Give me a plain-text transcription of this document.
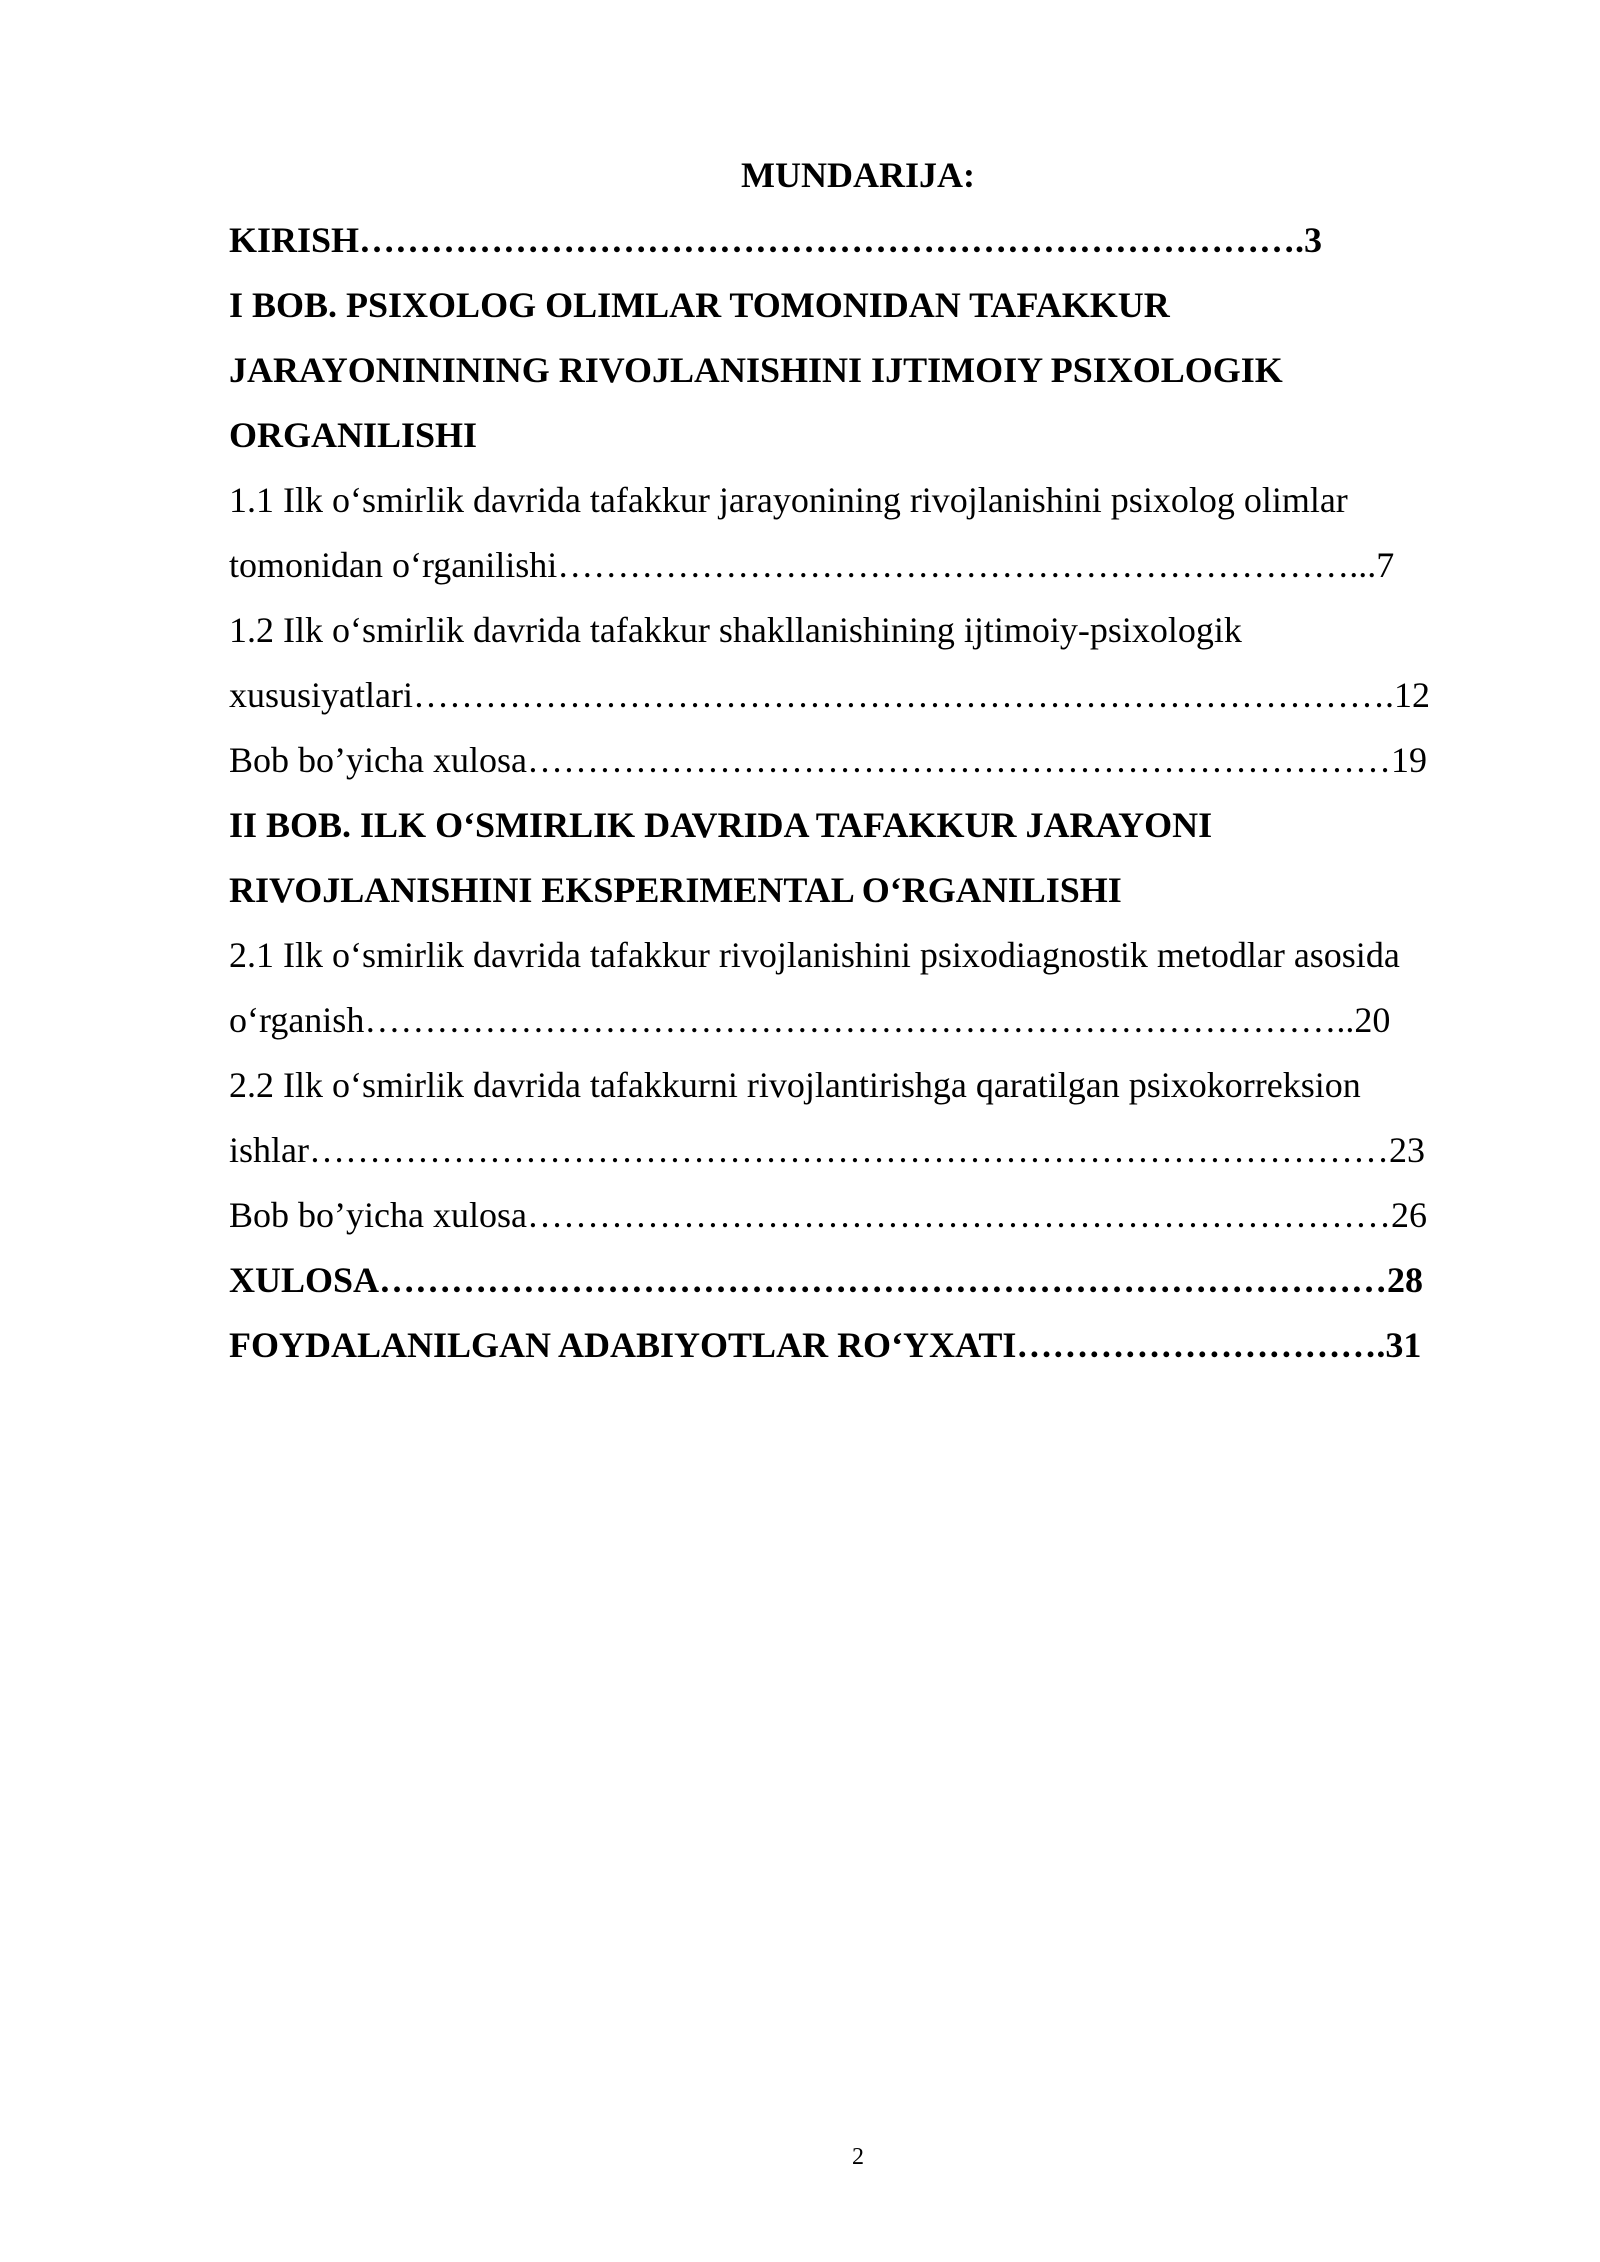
MUNDARIJA:
KIRISH…………………………………………………………………….3
I BOB. PSIXOLOG OLIMLAR TOMONIDAN TAFAKKUR
JARAYONININING RIVOJLANISHINI IJTIMOIY PSIXOLOGIK
ORGANILISHI
1.1 Ilk o‘smirlik davrida tafakkur jarayonining rivojlanishini psixolog olimlar
tomonidan o‘rganilishi…………………………………………………………...7
1.2 Ilk o‘smirlik davrida tafakkur shakllanishining ijtimoiy-psixologik
xususiyatlari……………………………………………………………………….12
Bob bo’yicha xulosa………………………………………………………………19
II BOB. ILK O‘SMIRLIK DAVRIDA TAFAKKUR JARAYONI
RIVOJLANISHINI EKSPERIMENTAL O‘RGANILISHI
2.1 Ilk o‘smirlik davrida tafakkur rivojlanishini psixodiagnostik metodlar asosida
o‘rganish………………………………………………………………………..20
2.2 Ilk o‘smirlik davrida tafakkurni rivojlantirishga qaratilgan psixokorreksion
ishlar………………………………………………………………………………23
Bob bo’yicha xulosa………………………………………………………………26
XULOSA…………………………………………………………………………28
FOYDALANILGAN ADABIYOTLAR RO‘YXATI………………………….31
2
